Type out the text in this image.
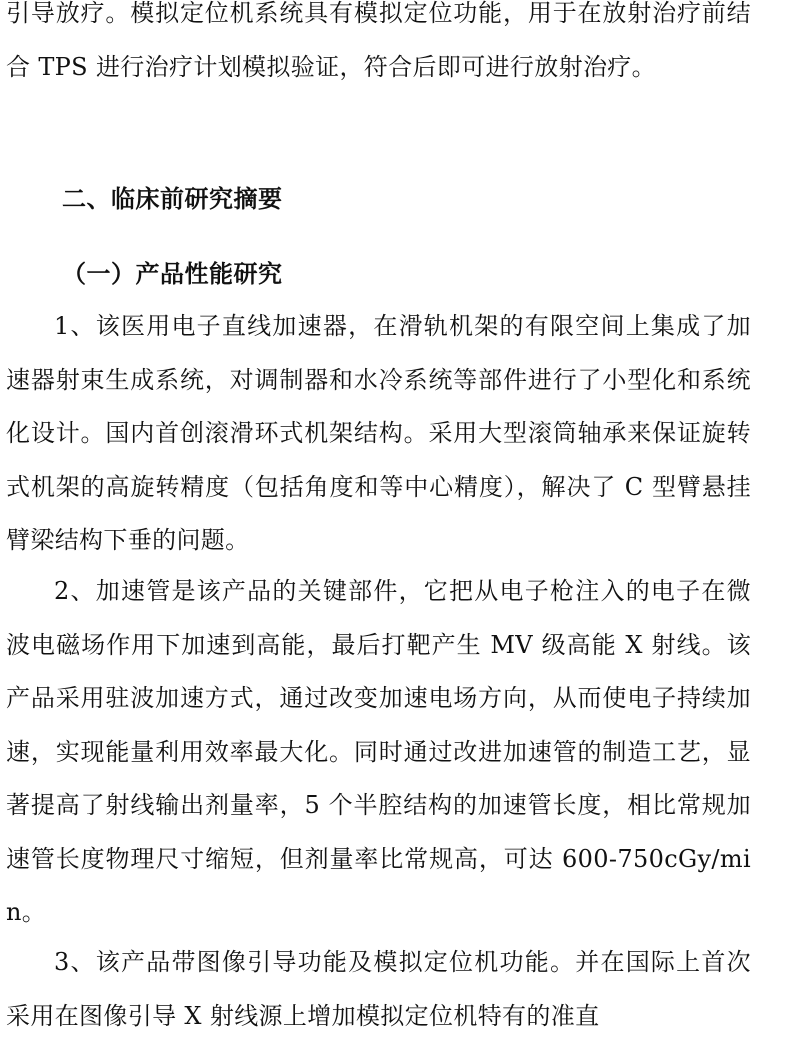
引导放疗。模拟定位机系统具有模拟定位功能，用于在放射治疗前结合 TPS 进行治疗计划模拟验证，符合后即可进行放射治疗。

二、临床前研究摘要
（一）产品性能研究

1、该医用电子直线加速器，在滑轨机架的有限空间上集成了加速器射束生成系统，对调制器和水冷系统等部件进行了小型化和系统化设计。国内首创滚滑环式机架结构。采用大型滚筒轴承来保证旋转式机架的高旋转精度（包括角度和等中心精度），解决了 C 型臂悬挂臂梁结构下垂的问题。

2、加速管是该产品的关键部件，它把从电子枪注入的电子在微波电磁场作用下加速到高能，最后打靶产生 MV 级高能 X 射线。该产品采用驻波加速方式，通过改变加速电场方向，从而使电子持续加速，实现能量利用效率最大化。同时通过改进加速管的制造工艺，显著提高了射线输出剂量率，5 个半腔结构的加速管长度，相比常规加速管长度物理尺寸缩短，但剂量率比常规高，可达 600-750cGy/min。

3、该产品带图像引导功能及模拟定位机功能。并在国际上首次采用在图像引导 X 射线源上增加模拟定位机特有的准直
